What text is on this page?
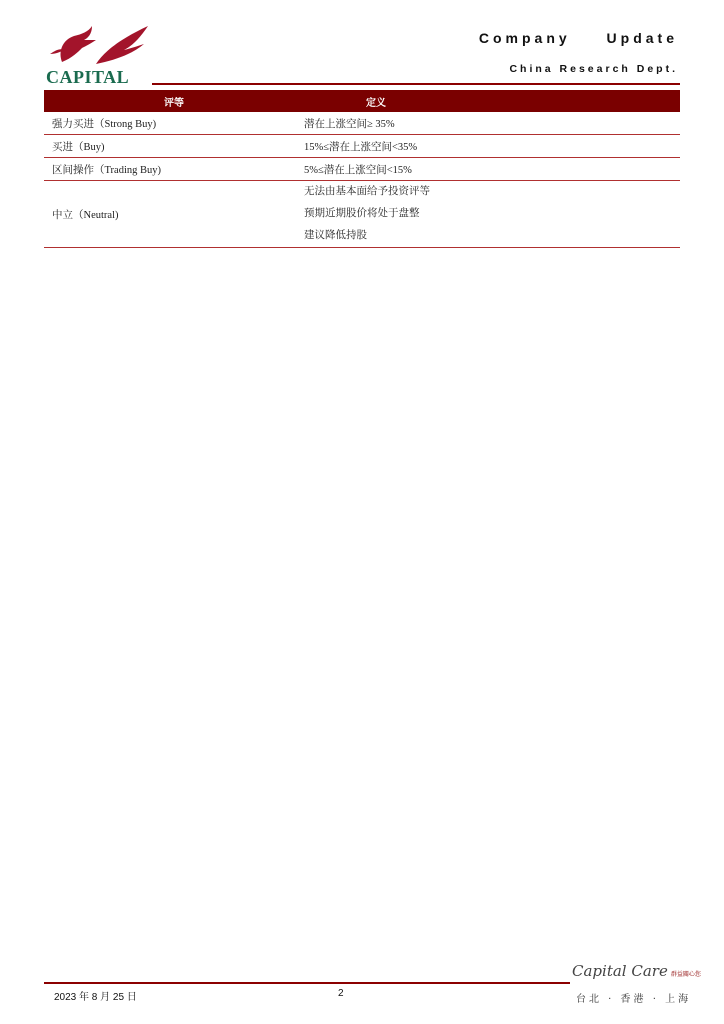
CAPITAL
Company Update
China Research Dept.
评等	定义
强力买进（Strong Buy)	潜在上涨空间≥ 35%
买进（Buy)	15%≤潜在上涨空间<35%
区间操作（Trading Buy)	5%≤潜在上涨空间<15%
中立（Neutral)	无法由基本面给予投资评等
预期近期股价将处于盘整
建议降低持股
2023 年 8 月 25 日	2
Capital Care 群益關心您
台北 · 香港 · 上海
